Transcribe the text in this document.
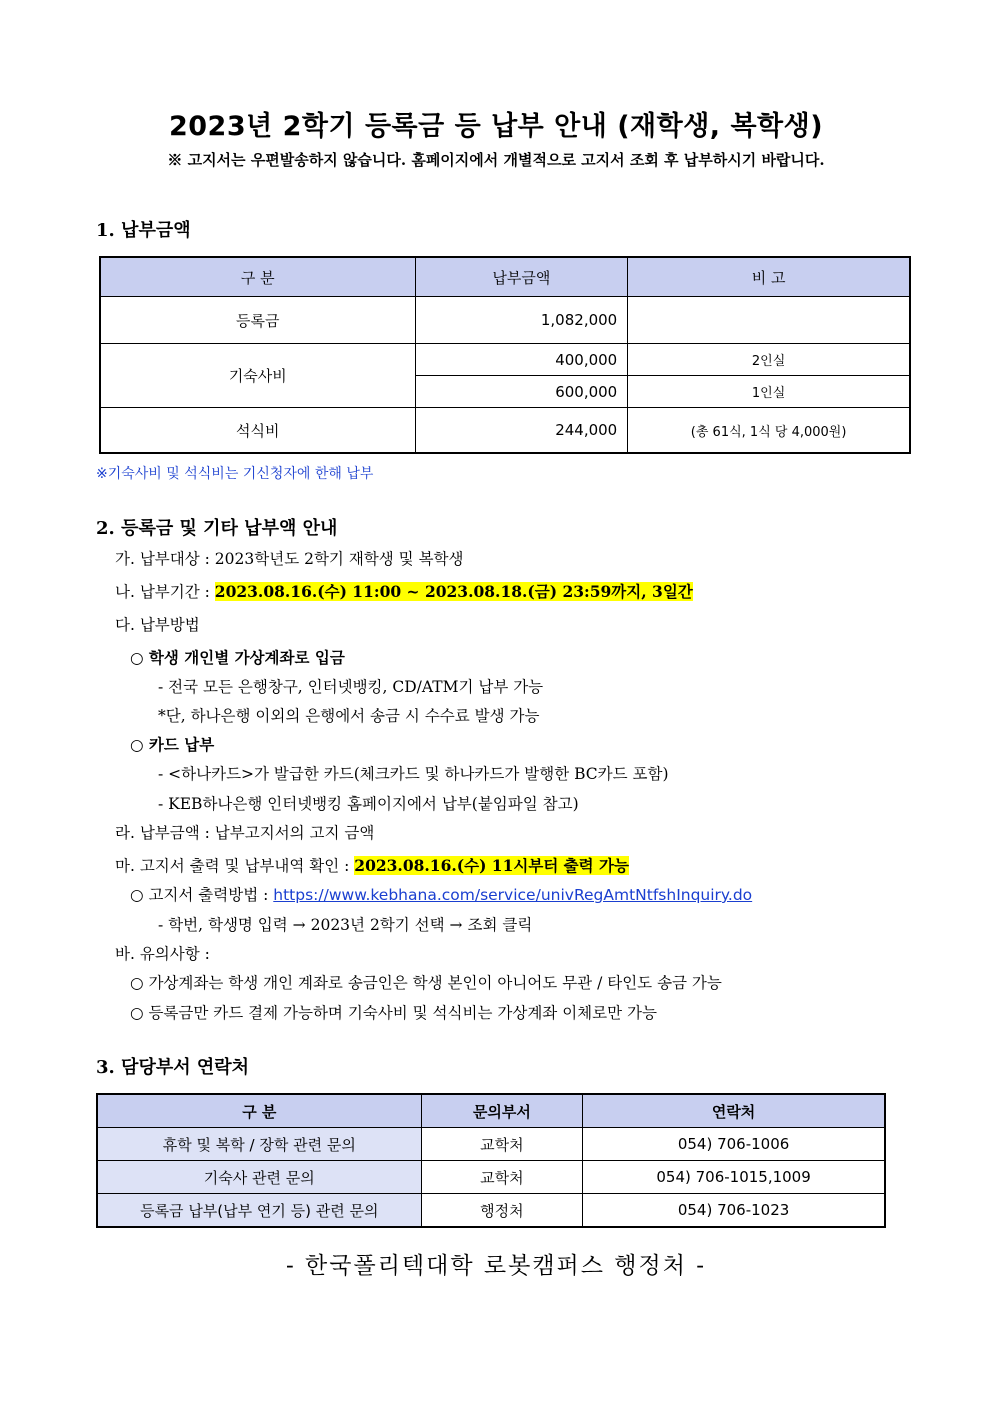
2023년 2학기 등록금 등 납부 안내 (재학생, 복학생)
※ 고지서는 우편발송하지 않습니다. 홈페이지에서 개별적으로 고지서 조회 후 납부하시기 바랍니다.
1. 납부금액
구 분	납부금액	비 고
등록금	1,082,000	
기숙사비	400,000	2인실
	600,000	1인실
석식비	244,000	(총 61식, 1식 당 4,000원)
※기숙사비 및 석식비는 기신청자에 한해 납부
2. 등록금 및 기타 납부액 안내
가. 납부대상 : 2023학년도 2학기 재학생 및 복학생
나. 납부기간 : 2023.08.16.(수) 11:00 ~ 2023.08.18.(금) 23:59까지, 3일간
다. 납부방법
○ 학생 개인별 가상계좌로 입금
- 전국 모든 은행창구, 인터넷뱅킹, CD/ATM기 납부 가능
*단, 하나은행 이외의 은행에서 송금 시 수수료 발생 가능
○ 카드 납부
- <하나카드>가 발급한 카드(체크카드 및 하나카드가 발행한 BC카드 포함)
- KEB하나은행 인터넷뱅킹 홈페이지에서 납부(붙임파일 참고)
라. 납부금액 : 납부고지서의 고지 금액
마. 고지서 출력 및 납부내역 확인 : 2023.08.16.(수) 11시부터 출력 가능
○ 고지서 출력방법 : https://www.kebhana.com/service/univRegAmtNtfshInquiry.do
- 학번, 학생명 입력 → 2023년 2학기 선택 → 조회 클릭
바. 유의사항 :
○ 가상계좌는 학생 개인 계좌로 송금인은 학생 본인이 아니어도 무관 / 타인도 송금 가능
○ 등록금만 카드 결제 가능하며 기숙사비 및 석식비는 가상계좌 이체로만 가능
3. 담당부서 연락처
구 분	문의부서	연락처
휴학 및 복학 / 장학 관련 문의	교학처	054) 706-1006
기숙사 관련 문의	교학처	054) 706-1015,1009
등록금 납부(납부 연기 등) 관련 문의	행정처	054) 706-1023
- 한국폴리텍대학 로봇캠퍼스 행정처 -
